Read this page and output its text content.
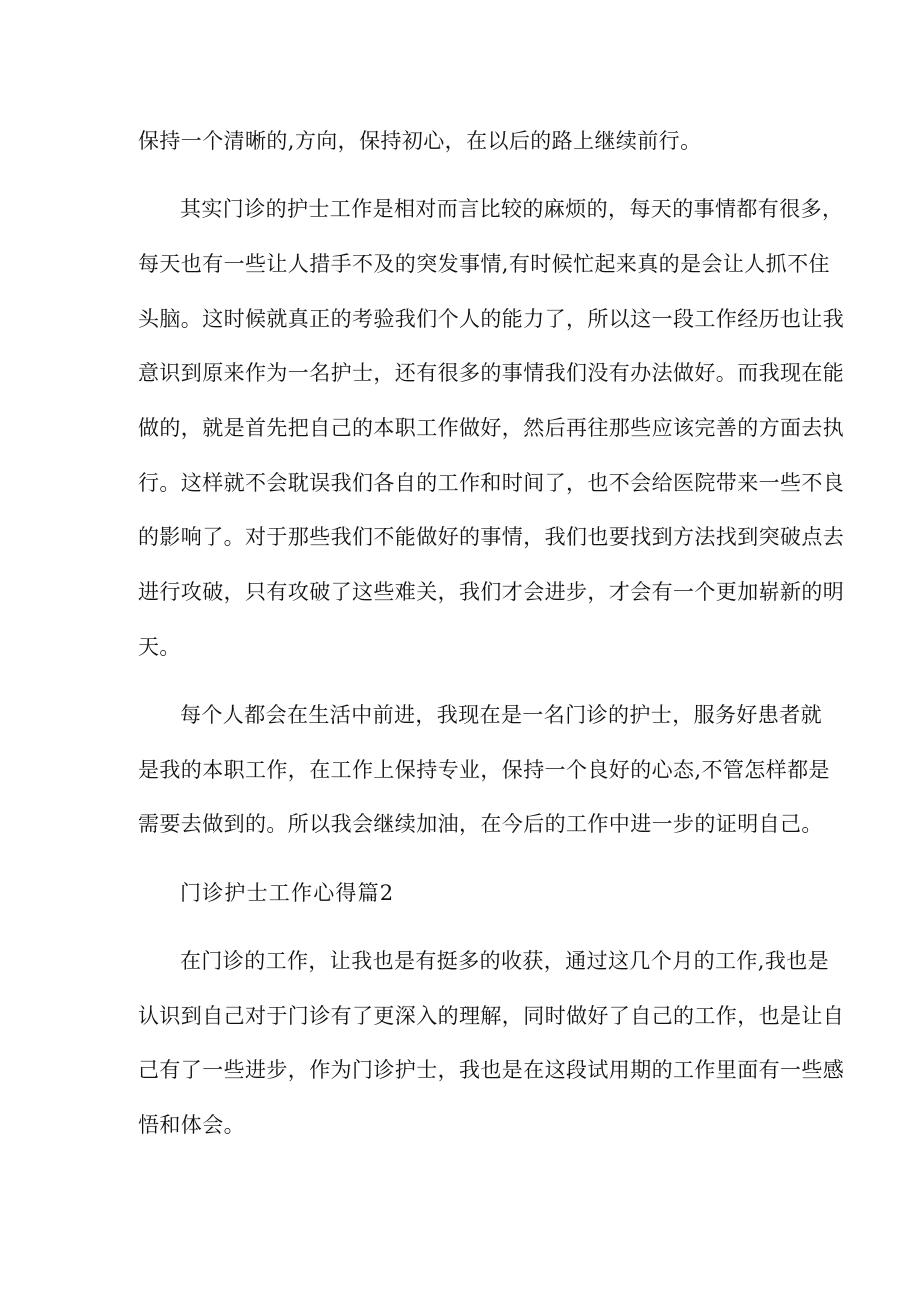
保持一个清晰的,方向，保持初心，在以后的路上继续前行。
其实门诊的护士工作是相对而言比较的麻烦的，每天的事情都有很多，
每天也有一些让人措手不及的突发事情,有时候忙起来真的是会让人抓不住
头脑。这时候就真正的考验我们个人的能力了，所以这一段工作经历也让我
意识到原来作为一名护士，还有很多的事情我们没有办法做好。而我现在能
做的，就是首先把自己的本职工作做好，然后再往那些应该完善的方面去执
行。这样就不会耽误我们各自的工作和时间了，也不会给医院带来一些不良
的影响了。对于那些我们不能做好的事情，我们也要找到方法找到突破点去
进行攻破，只有攻破了这些难关，我们才会进步，才会有一个更加崭新的明
天。
每个人都会在生活中前进，我现在是一名门诊的护士，服务好患者就
是我的本职工作，在工作上保持专业，保持一个良好的心态,不管怎样都是
需要去做到的。所以我会继续加油，在今后的工作中进一步的证明自己。
门诊护士工作心得篇2
在门诊的工作，让我也是有挺多的收获，通过这几个月的工作,我也是
认识到自己对于门诊有了更深入的理解，同时做好了自己的工作，也是让自
己有了一些进步，作为门诊护士，我也是在这段试用期的工作里面有一些感
悟和体会。
